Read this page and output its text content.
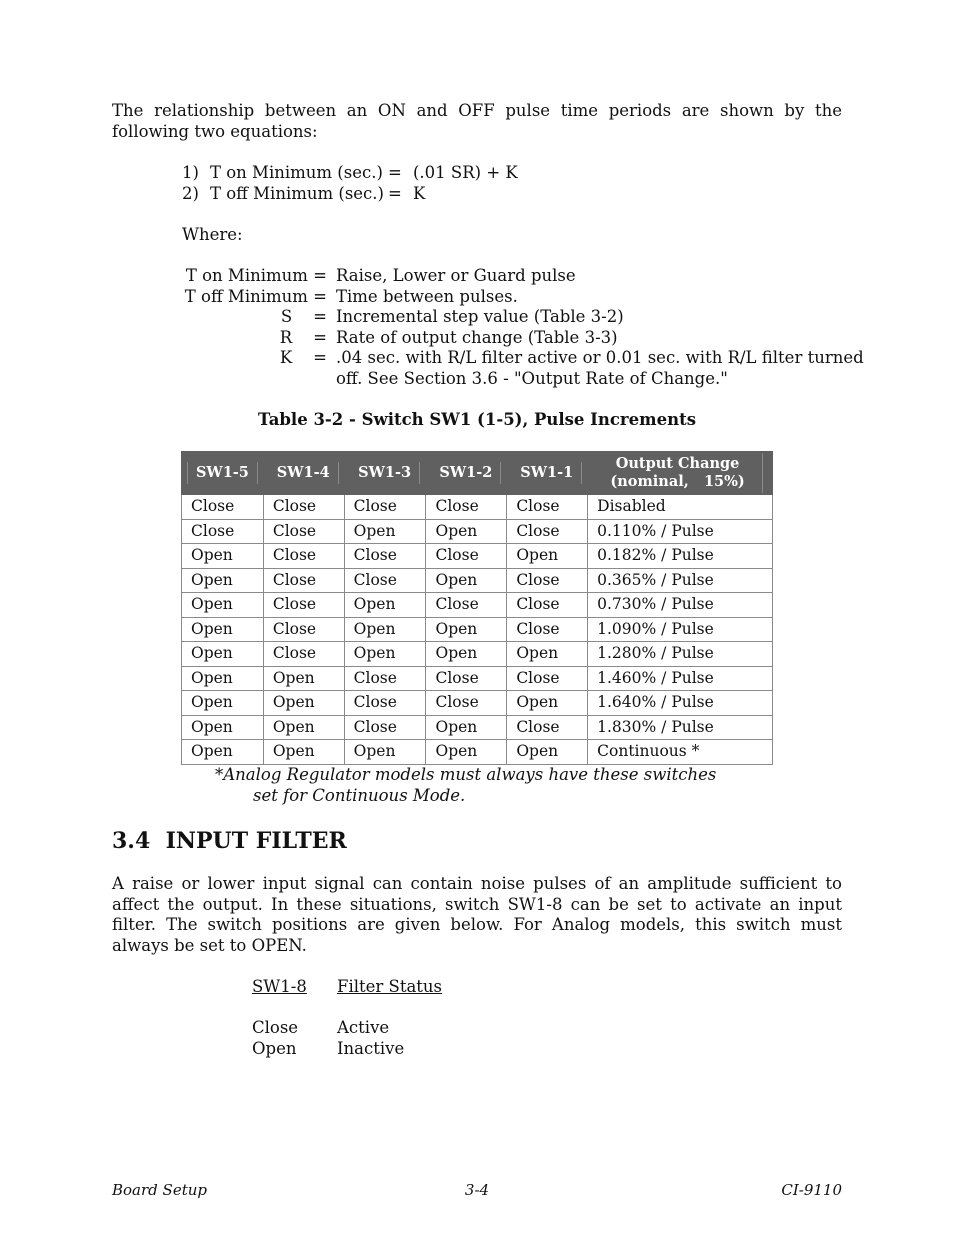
The relationship between an ON and OFF pulse time periods are shown by the following two equations:
1) T on Minimum (sec.) = (.01 SR) + K
2) T off Minimum (sec.) = K
Where:
T on Minimum = Raise, Lower or Guard pulse
T off Minimum = Time between pulses.
S    = Incremental step value (Table 3-2)
R    = Rate of output change (Table 3-3)
K    = .04 sec. with R/L filter active or 0.01 sec. with R/L filter turned
off. See Section 3.6 - "Output Rate of Change."
Table 3-2 - Switch SW1 (1-5), Pulse Increments
SW1-5	SW1-4	SW1-3	SW1-2	SW1-1	Output Change
(nominal,   15%)

Close	Close	Close	Close	Close	Disabled
Close	Close	Open	Open	Close	0.110% / Pulse
Open	Close	Close	Close	Open	0.182% / Pulse
Open	Close	Close	Open	Close	0.365% / Pulse
Open	Close	Open	Close	Close	0.730% / Pulse
Open	Close	Open	Open	Close	1.090% / Pulse
Open	Close	Open	Open	Open	1.280% / Pulse
Open	Open	Close	Close	Close	1.460% / Pulse
Open	Open	Close	Close	Open	1.640% / Pulse
Open	Open	Close	Open	Close	1.830% / Pulse
Open	Open	Open	Open	Open	Continuous *
*Analog Regulator models must always have these switches
set for Continuous Mode.
3.4  INPUT FILTER
A raise or lower input signal can contain noise pulses of an amplitude sufficient to affect the output. In these situations, switch SW1-8 can be set to activate an input filter. The switch positions are given below. For Analog models, this switch must always be set to OPEN.
SW1-8	Filter Status
Close	Active
Open	Inactive
Board Setup	3-4	CI-9110
